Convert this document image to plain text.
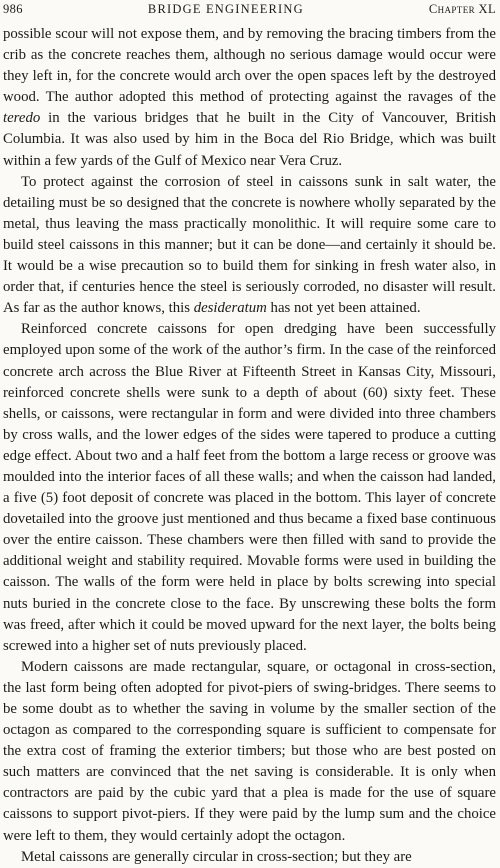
986	BRIDGE ENGINEERING	Chapter XL

possible scour will not expose them, and by removing the bracing timbers from the crib as the concrete reaches them, although no serious damage would occur were they left in, for the concrete would arch over the open spaces left by the destroyed wood. The author adopted this method of protecting against the ravages of the teredo in the various bridges that he built in the City of Vancouver, British Columbia. It was also used by him in the Boca del Rio Bridge, which was built within a few yards of the Gulf of Mexico near Vera Cruz.

To protect against the corrosion of steel in caissons sunk in salt water, the detailing must be so designed that the concrete is nowhere wholly separated by the metal, thus leaving the mass practically monolithic. It will require some care to build steel caissons in this manner; but it can be done—and certainly it should be. It would be a wise precaution so to build them for sinking in fresh water also, in order that, if centuries hence the steel is seriously corroded, no disaster will result. As far as the author knows, this desideratum has not yet been attained.

Reinforced concrete caissons for open dredging have been successfully employed upon some of the work of the author’s firm. In the case of the reinforced concrete arch across the Blue River at Fifteenth Street in Kansas City, Missouri, reinforced concrete shells were sunk to a depth of about (60) sixty feet. These shells, or caissons, were rectangular in form and were divided into three chambers by cross walls, and the lower edges of the sides were tapered to produce a cutting edge effect. About two and a half feet from the bottom a large recess or groove was moulded into the interior faces of all these walls; and when the caisson had landed, a five (5) foot deposit of concrete was placed in the bottom. This layer of concrete dovetailed into the groove just mentioned and thus became a fixed base continuous over the entire caisson. These chambers were then filled with sand to provide the additional weight and stability required. Movable forms were used in building the caisson. The walls of the form were held in place by bolts screwing into special nuts buried in the concrete close to the face. By unscrewing these bolts the form was freed, after which it could be moved upward for the next layer, the bolts being screwed into a higher set of nuts previously placed.

Modern caissons are made rectangular, square, or octagonal in cross-section, the last form being often adopted for pivot-piers of swing-bridges. There seems to be some doubt as to whether the saving in volume by the smaller section of the octagon as compared to the corresponding square is sufficient to compensate for the extra cost of framing the exterior timbers; but those who are best posted on such matters are convinced that the net saving is considerable. It is only when contractors are paid by the cubic yard that a plea is made for the use of square caissons to support pivot-piers. If they were paid by the lump sum and the choice were left to them, they would certainly adopt the octagon.

Metal caissons are generally circular in cross-section; but they are
